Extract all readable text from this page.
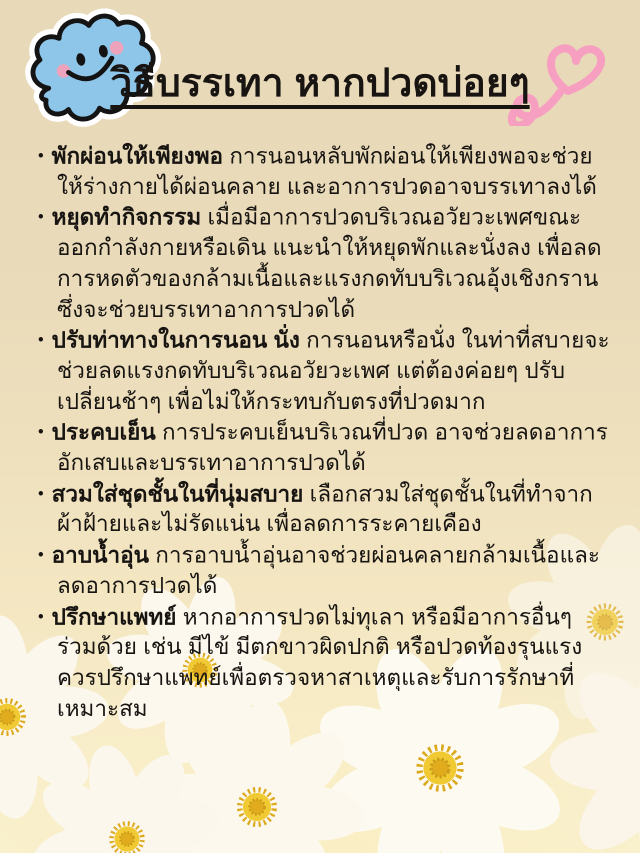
วิธีบรรเทา หากปวดบ่อยๆ
• พักผ่อนให้เพียงพอ การนอนหลับพักผ่อนให้เพียงพอจะช่วยให้ร่างกายได้ผ่อนคลาย และอาการปวดอาจบรรเทาลงได้
• หยุดทำกิจกรรม เมื่อมีอาการปวดบริเวณอวัยวะเพศขณะออกกำลังกายหรือเดิน แนะนำให้หยุดพักและนั่งลง เพื่อลดการหดตัวของกล้ามเนื้อและแรงกดทับบริเวณอุ้งเชิงกราน ซึ่งจะช่วยบรรเทาอาการปวดได้
• ปรับท่าทางในการนอน นั่ง การนอนหรือนั่ง ในท่าที่สบายจะช่วยลดแรงกดทับบริเวณอวัยวะเพศ แต่ต้องค่อยๆ ปรับเปลี่ยนช้าๆ เพื่อไม่ให้กระทบกับตรงที่ปวดมาก
• ประคบเย็น การประคบเย็นบริเวณที่ปวด อาจช่วยลดอาการอักเสบและบรรเทาอาการปวดได้
• สวมใส่ชุดชั้นในที่นุ่มสบาย เลือกสวมใส่ชุดชั้นในที่ทำจากผ้าฝ้ายและไม่รัดแน่น เพื่อลดการระคายเคือง
• อาบน้ำอุ่น การอาบน้ำอุ่นอาจช่วยผ่อนคลายกล้ามเนื้อและลดอาการปวดได้
• ปรึกษาแพทย์ หากอาการปวดไม่ทุเลา หรือมีอาการอื่นๆ ร่วมด้วย เช่น มีไข้ มีตกขาวผิดปกติ หรือปวดท้องรุนแรง ควรปรึกษาแพทย์เพื่อตรวจหาสาเหตุและรับการรักษาที่เหมาะสม
